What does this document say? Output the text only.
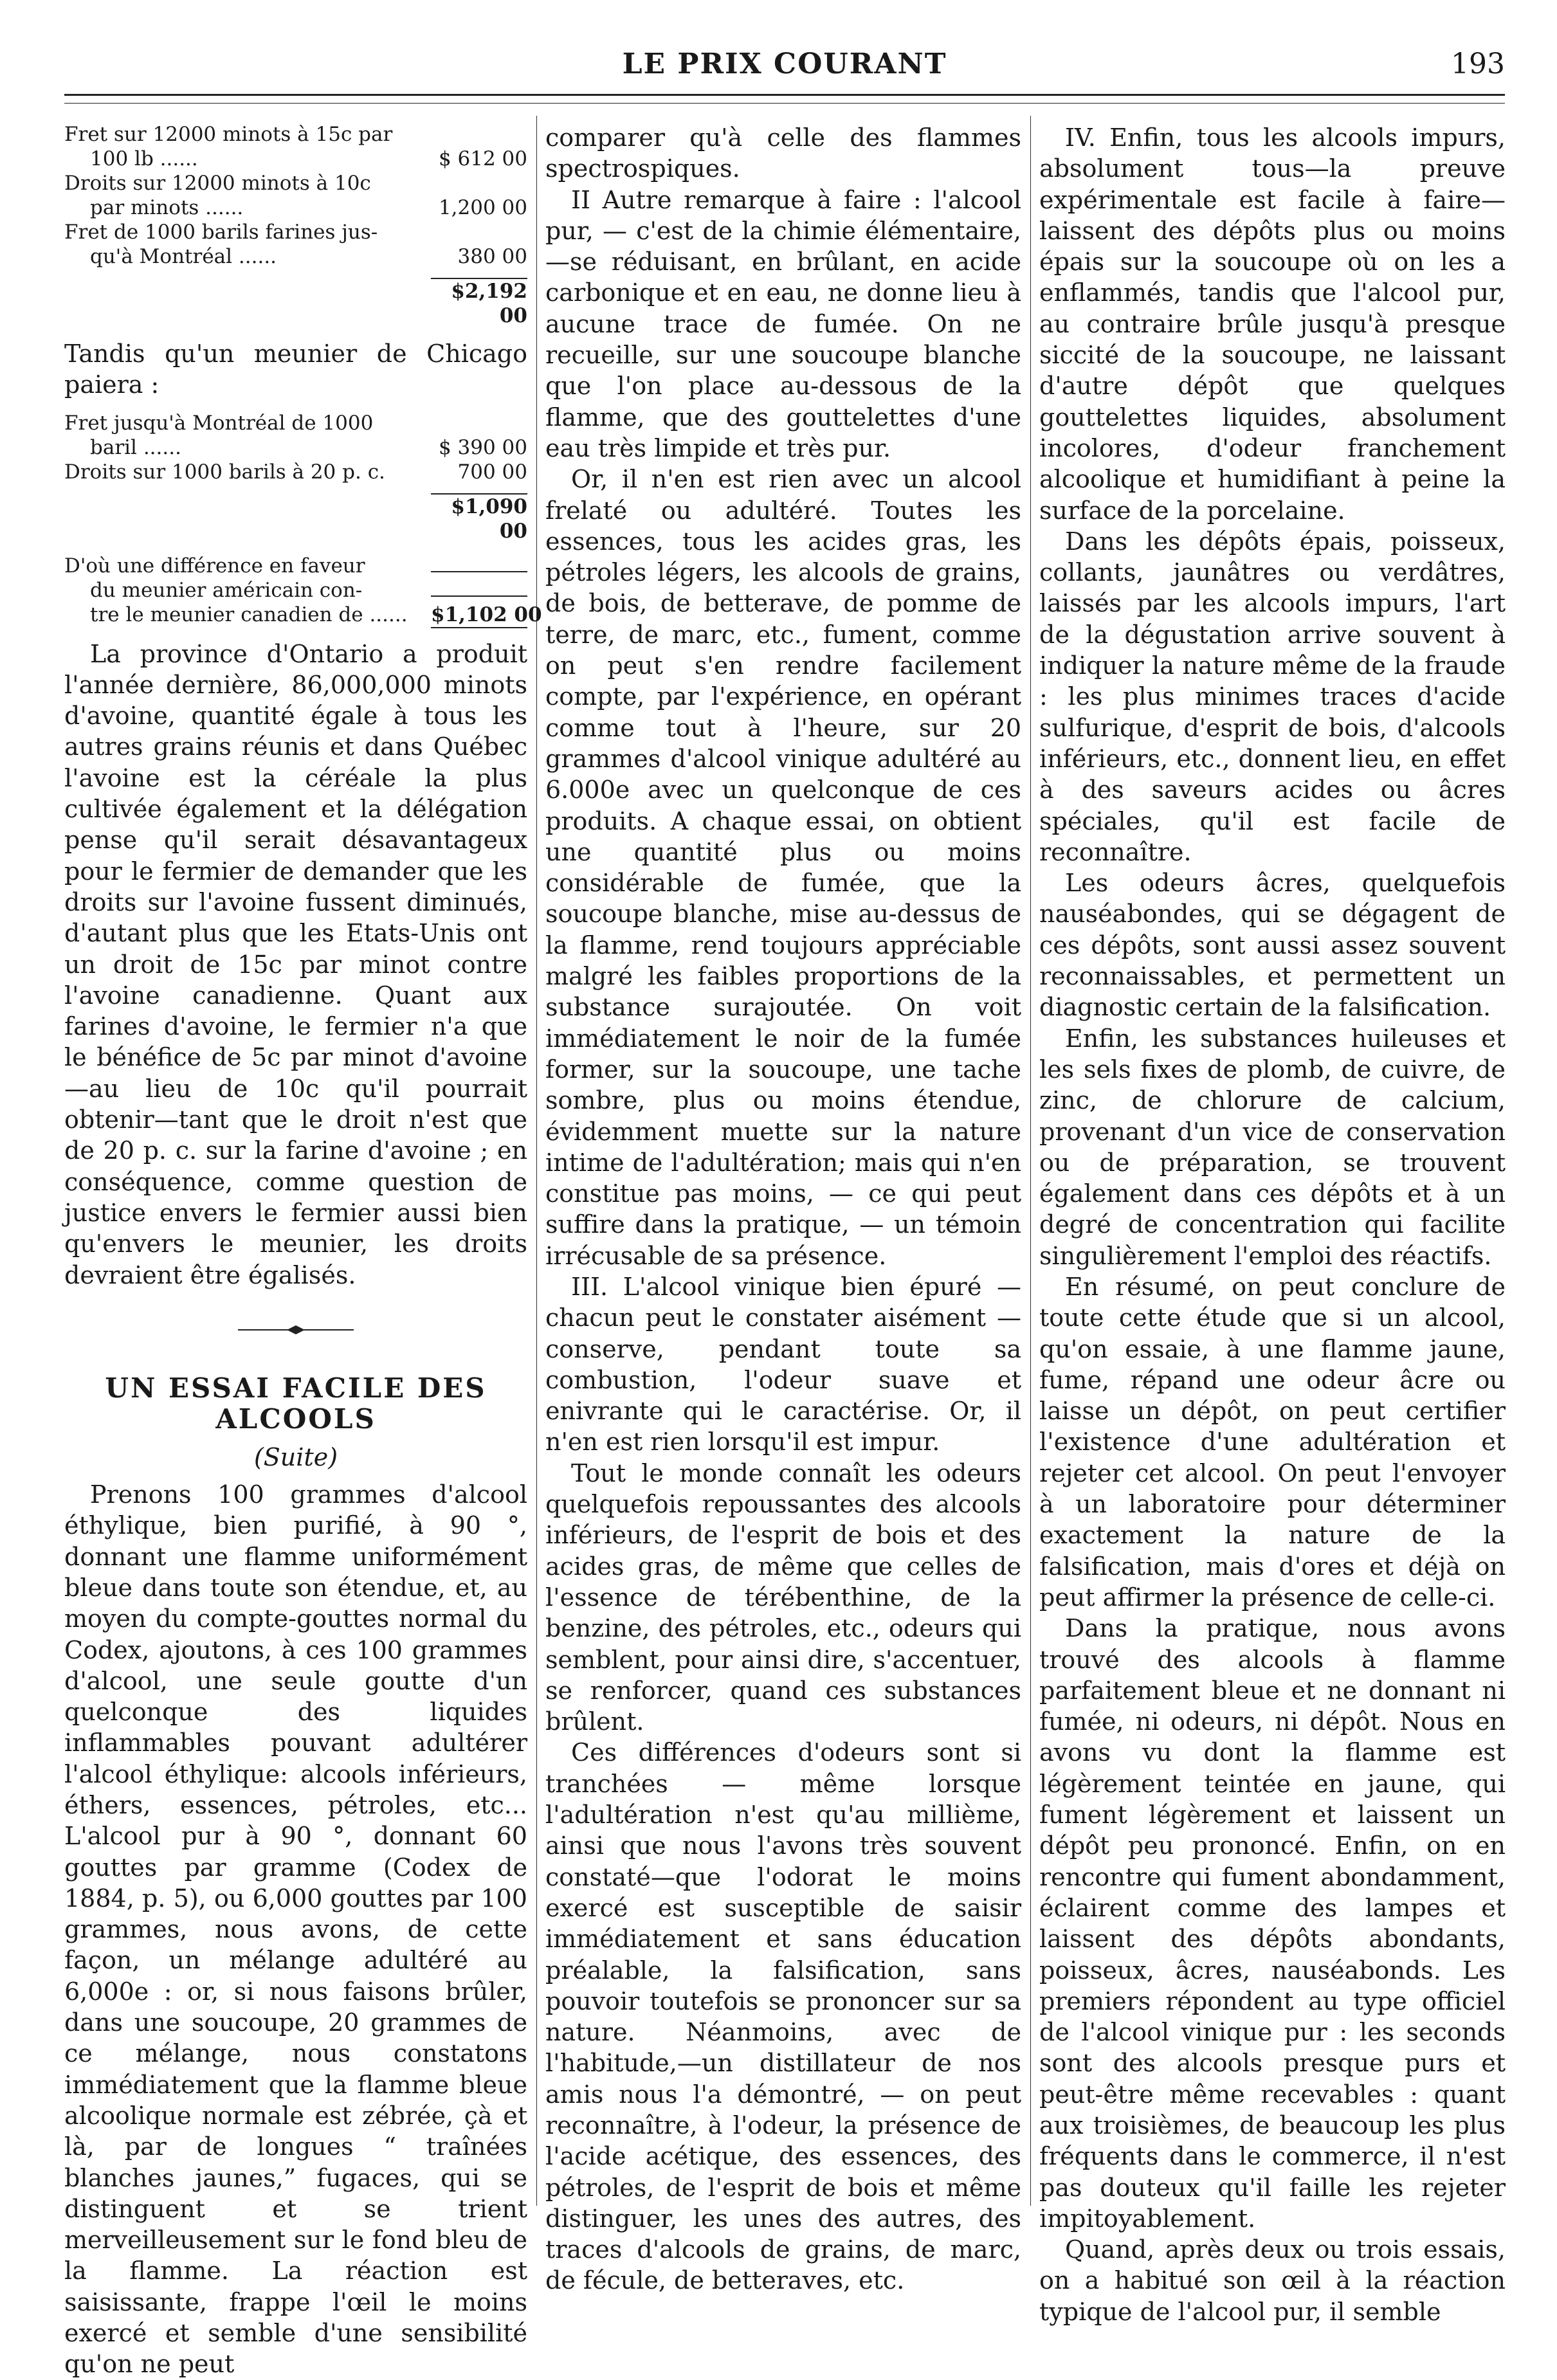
LE PRIX COURANT	193
Fret sur 12000 minots à 15c par
100 lb ......	$ 612 00
Droits sur 12000 minots à 10c
par minots ......	1,200 00
Fret de 1000 barils farines jus-
qu'à Montréal ......	380 00
$2,192 00

Tandis qu'un meunier de Chicago paiera :

Fret jusqu'à Montréal de 1000
baril ......	$ 390 00
Droits sur 1000 barils à 20 p. c.	700 00
$1,090 00
D'où une différence en faveur
du meunier américain con-
tre le meunier canadien de ......	$1,102 00

La province d'Ontario a produit l'année dernière, 86,000,000 minots d'avoine, quantité égale à tous les autres grains réunis et dans Québec l'avoine est la céréale la plus cultivée également et la délégation pense qu'il serait désavantageux pour le fermier de demander que les droits sur l'avoine fussent diminués, d'autant plus que les Etats-Unis ont un droit de 15c par minot contre l'avoine canadienne. Quant aux farines d'avoine, le fermier n'a que le bénéfice de 5c par minot d'avoine—au lieu de 10c qu'il pourrait obtenir—tant que le droit n'est que de 20 p. c. sur la farine d'avoine ; en conséquence, comme question de justice envers le fermier aussi bien qu'envers le meunier, les droits devraient être égalisés.

UN ESSAI FACILE DES ALCOOLS
(Suite)

Prenons 100 grammes d'alcool éthylique, bien purifié, à 90 °, donnant une flamme uniformément bleue dans toute son étendue, et, au moyen du compte-gouttes normal du Codex, ajoutons, à ces 100 grammes d'alcool, une seule goutte d'un quelconque des liquides inflammables pouvant adultérer l'alcool éthylique: alcools inférieurs, éthers, essences, pétroles, etc... L'alcool pur à 90 °, donnant 60 gouttes par gramme (Codex de 1884, p. 5), ou 6,000 gouttes par 100 grammes, nous avons, de cette façon, un mélange adultéré au 6,000e : or, si nous faisons brûler, dans une soucoupe, 20 grammes de ce mélange, nous constatons immédiatement que la flamme bleue alcoolique normale est zébrée, çà et là, par de longues “ traînées blanches jaunes,” fugaces, qui se distinguent et se trient merveilleusement sur le fond bleu de la flamme. La réaction est saisissante, frappe l'œil le moins exercé et semble d'une sensibilité qu'on ne peut

comparer qu'à celle des flammes spectrospiques.

II Autre remarque à faire : l'alcool pur, — c'est de la chimie élémentaire,—se réduisant, en brûlant, en acide carbonique et en eau, ne donne lieu à aucune trace de fumée. On ne recueille, sur une soucoupe blanche que l'on place au-dessous de la flamme, que des gouttelettes d'une eau très limpide et très pur.

Or, il n'en est rien avec un alcool frelaté ou adultéré. Toutes les essences, tous les acides gras, les pétroles légers, les alcools de grains, de bois, de betterave, de pomme de terre, de marc, etc., fument, comme on peut s'en rendre facilement compte, par l'expérience, en opérant comme tout à l'heure, sur 20 grammes d'alcool vinique adultéré au 6.000e avec un quelconque de ces produits. A chaque essai, on obtient une quantité plus ou moins considérable de fumée, que la soucoupe blanche, mise au-dessus de la flamme, rend toujours appréciable malgré les faibles proportions de la substance surajoutée. On voit immédiatement le noir de la fumée former, sur la soucoupe, une tache sombre, plus ou moins étendue, évidemment muette sur la nature intime de l'adultération; mais qui n'en constitue pas moins, — ce qui peut suffire dans la pratique, — un témoin irrécusable de sa présence.

III. L'alcool vinique bien épuré —chacun peut le constater aisément —conserve, pendant toute sa combustion, l'odeur suave et enivrante qui le caractérise. Or, il n'en est rien lorsqu'il est impur.

Tout le monde connaît les odeurs quelquefois repoussantes des alcools inférieurs, de l'esprit de bois et des acides gras, de même que celles de l'essence de térébenthine, de la benzine, des pétroles, etc., odeurs qui semblent, pour ainsi dire, s'accentuer, se renforcer, quand ces substances brûlent.

Ces différences d'odeurs sont si tranchées — même lorsque l'adultération n'est qu'au millième, ainsi que nous l'avons très souvent constaté—que l'odorat le moins exercé est susceptible de saisir immédiatement et sans éducation préalable, la falsification, sans pouvoir toutefois se prononcer sur sa nature. Néanmoins, avec de l'habitude,—un distillateur de nos amis nous l'a démontré, — on peut reconnaître, à l'odeur, la présence de l'acide acétique, des essences, des pétroles, de l'esprit de bois et même distinguer, les unes des autres, des traces d'alcools de grains, de marc, de fécule, de betteraves, etc.

IV. Enfin, tous les alcools impurs, absolument tous—la preuve expérimentale est facile à faire—laissent des dépôts plus ou moins épais sur la soucoupe où on les a enflammés, tandis que l'alcool pur, au contraire brûle jusqu'à presque siccité de la soucoupe, ne laissant d'autre dépôt que quelques gouttelettes liquides, absolument incolores, d'odeur franchement alcoolique et humidifiant à peine la surface de la porcelaine.

Dans les dépôts épais, poisseux, collants, jaunâtres ou verdâtres, laissés par les alcools impurs, l'art de la dégustation arrive souvent à indiquer la nature même de la fraude : les plus minimes traces d'acide sulfurique, d'esprit de bois, d'alcools inférieurs, etc., donnent lieu, en effet à des saveurs acides ou âcres spéciales, qu'il est facile de reconnaître.

Les odeurs âcres, quelquefois nauséabondes, qui se dégagent de ces dépôts, sont aussi assez souvent reconnaissables, et permettent un diagnostic certain de la falsification.

Enfin, les substances huileuses et les sels fixes de plomb, de cuivre, de zinc, de chlorure de calcium, provenant d'un vice de conservation ou de préparation, se trouvent également dans ces dépôts et à un degré de concentration qui facilite singulièrement l'emploi des réactifs.

En résumé, on peut conclure de toute cette étude que si un alcool, qu'on essaie, à une flamme jaune, fume, répand une odeur âcre ou laisse un dépôt, on peut certifier l'existence d'une adultération et rejeter cet alcool. On peut l'envoyer à un laboratoire pour déterminer exactement la nature de la falsification, mais d'ores et déjà on peut affirmer la présence de celle-ci.

Dans la pratique, nous avons trouvé des alcools à flamme parfaitement bleue et ne donnant ni fumée, ni odeurs, ni dépôt. Nous en avons vu dont la flamme est légèrement teintée en jaune, qui fument légèrement et laissent un dépôt peu prononcé. Enfin, on en rencontre qui fument abondamment, éclairent comme des lampes et laissent des dépôts abondants, poisseux, âcres, nauséabonds. Les premiers répondent au type officiel de l'alcool vinique pur : les seconds sont des alcools presque purs et peut-être même recevables : quant aux troisièmes, de beaucoup les plus fréquents dans le commerce, il n'est pas douteux qu'il faille les rejeter impitoyablement.

Quand, après deux ou trois essais, on a habitué son œil à la réaction typique de l'alcool pur, il semble
